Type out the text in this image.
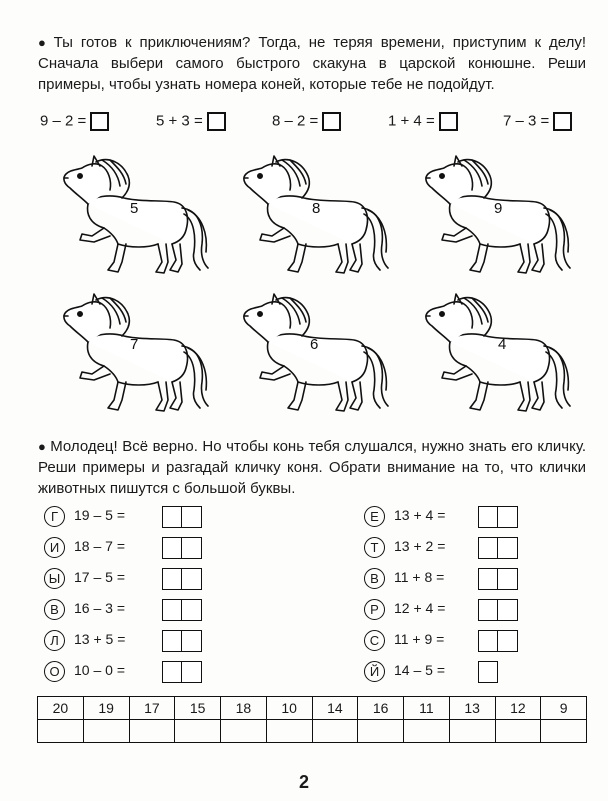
● Ты готов к приключениям? Тогда, не теряя времени, приступим к делу! Сначала выбери самого быстрого скакуна в царской конюшне. Реши примеры, чтобы узнать номера коней, которые тебе не подойдут.
9 – 2 =	5 + 3 =	8 – 2 =	1 + 4 =	7 – 3 =
5	8	9
7	6	4
● Молодец! Всё верно. Но чтобы конь тебя слушался, нужно знать его кличку. Реши примеры и разгадай кличку коня. Обрати внимание на то, что клички животных пишутся с большой буквы.
Г	19 – 5 =
И	18 – 7 =
Ы 17 – 5 =
В	16 – 3 =
Л	13 + 5 =
О	10 – 0 =
Е	13 + 4 =
Т	13 + 2 =
В	11 + 8 =
Р	12 + 4 =
С	11 + 9 =
Й	14 – 5 =
20	19	17	15	18	10	14	16	11	13	12	9

2
